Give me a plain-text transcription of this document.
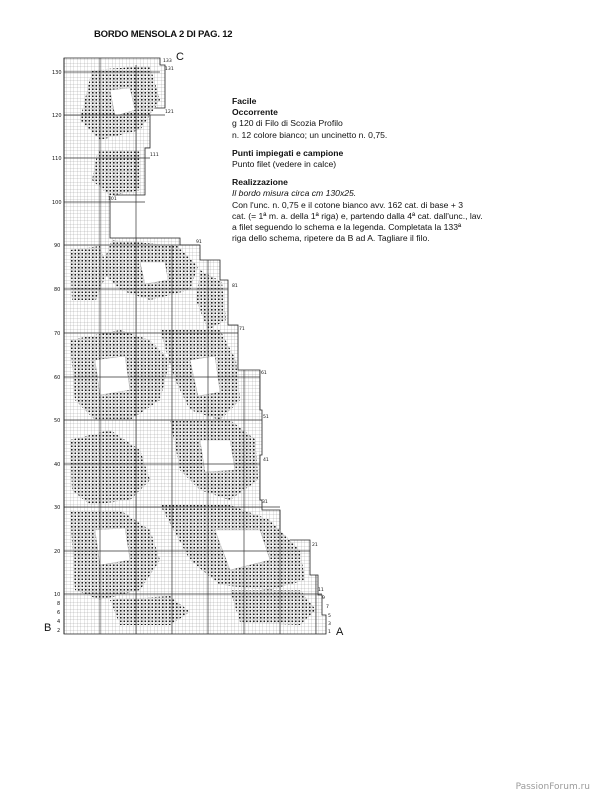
BORDO MENSOLA 2 DI PAG. 12
130
120
110
100
90
80
70
60
50
40
30
20
10
8
6
4
2
133
131
121
111
101
91
81
71
61
51
41
31
21
11
9
7
5
3
1
C
B	A
Facile
Occorrente
g 120 di Filo di Scozia Profilo
n. 12 colore bianco; un uncinetto n. 0,75.
Punti impiegati e campione
Punto filet (vedere in calce)
Realizzazione
Il bordo misura circa cm 130x25.
Con l'unc. n. 0,75 e il cotone bianco avv. 162 cat. di base + 3
cat. (= 1ª m. a. della 1ª riga) e, partendo dalla 4ª cat. dall'unc., lav.
a filet seguendo lo schema e la legenda. Completata la 133ª
riga dello schema, ripetere da B ad A. Tagliare il filo.
PassionForum.ru
